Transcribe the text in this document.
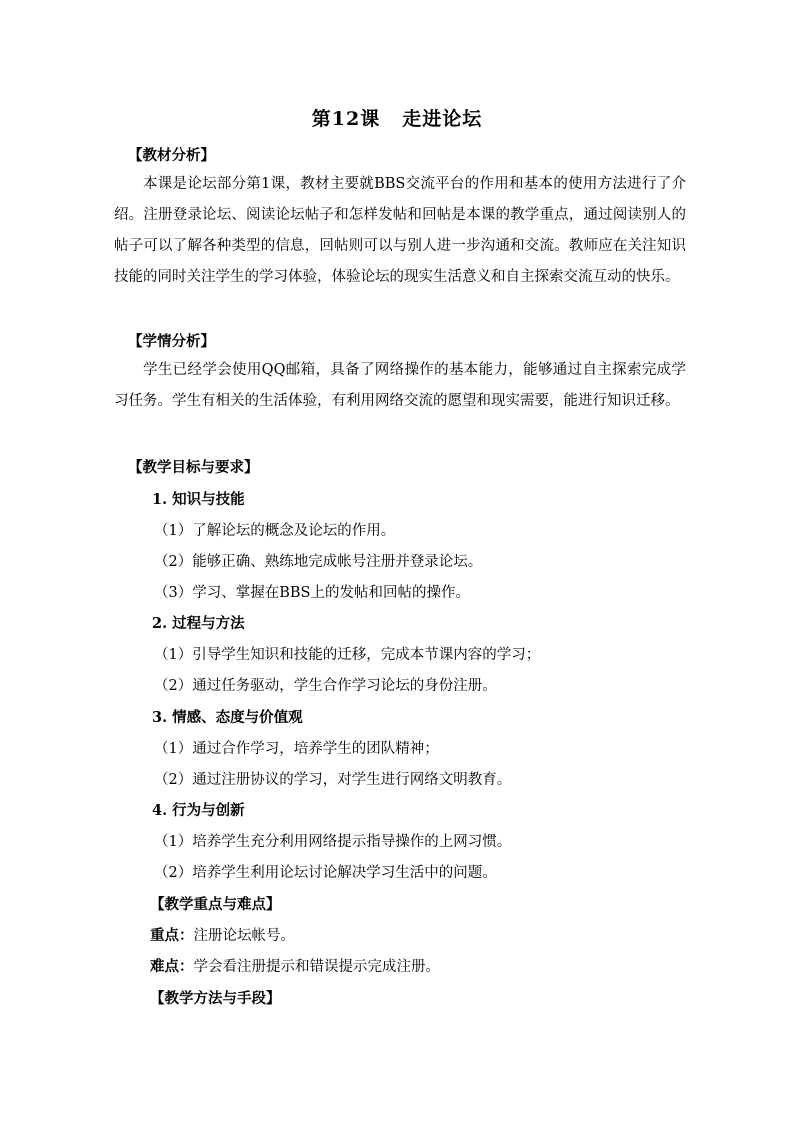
第12课 走进论坛
【教材分析】
本课是论坛部分第1课，教材主要就BBS交流平台的作用和基本的使用方法进行了介绍。注册登录论坛、阅读论坛帖子和怎样发帖和回帖是本课的教学重点，通过阅读别人的帖子可以了解各种类型的信息，回帖则可以与别人进一步沟通和交流。教师应在关注知识技能的同时关注学生的学习体验，体验论坛的现实生活意义和自主探索交流互动的快乐。
【学情分析】
学生已经学会使用QQ邮箱，具备了网络操作的基本能力，能够通过自主探索完成学习任务。学生有相关的生活体验，有利用网络交流的愿望和现实需要，能进行知识迁移。
【教学目标与要求】
1. 知识与技能
（1）了解论坛的概念及论坛的作用。
（2）能够正确、熟练地完成帐号注册并登录论坛。
（3）学习、掌握在BBS上的发帖和回帖的操作。
2. 过程与方法
（1）引导学生知识和技能的迁移，完成本节课内容的学习；
（2）通过任务驱动，学生合作学习论坛的身份注册。
3. 情感、态度与价值观
（1）通过合作学习，培养学生的团队精神；
（2）通过注册协议的学习，对学生进行网络文明教育。
4. 行为与创新
（1）培养学生充分利用网络提示指导操作的上网习惯。
（2）培养学生利用论坛讨论解决学习生活中的问题。
【教学重点与难点】
重点：注册论坛帐号。
难点：学会看注册提示和错误提示完成注册。
【教学方法与手段】
